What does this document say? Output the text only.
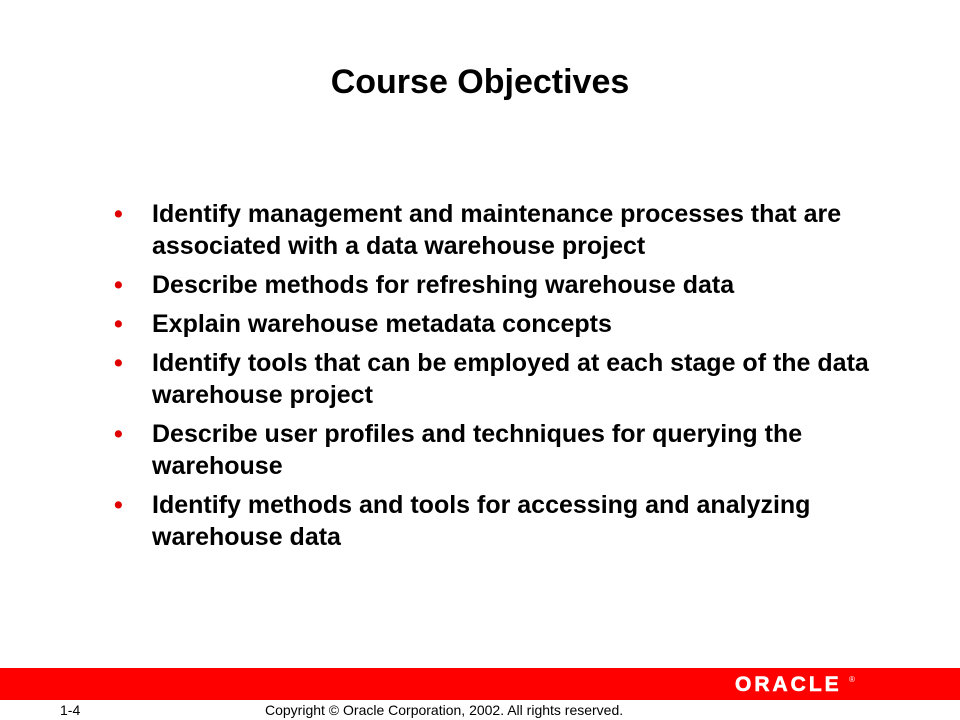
Course Objectives
• Identify management and maintenance processes that are associated with a data warehouse project
• Describe methods for refreshing warehouse data
• Explain warehouse metadata concepts
• Identify tools that can be employed at each stage of the data warehouse project
• Describe user profiles and techniques for querying the warehouse
• Identify methods and tools for accessing and analyzing warehouse data
ORACLE ®
1-4	Copyright © Oracle Corporation, 2002. All rights reserved.
